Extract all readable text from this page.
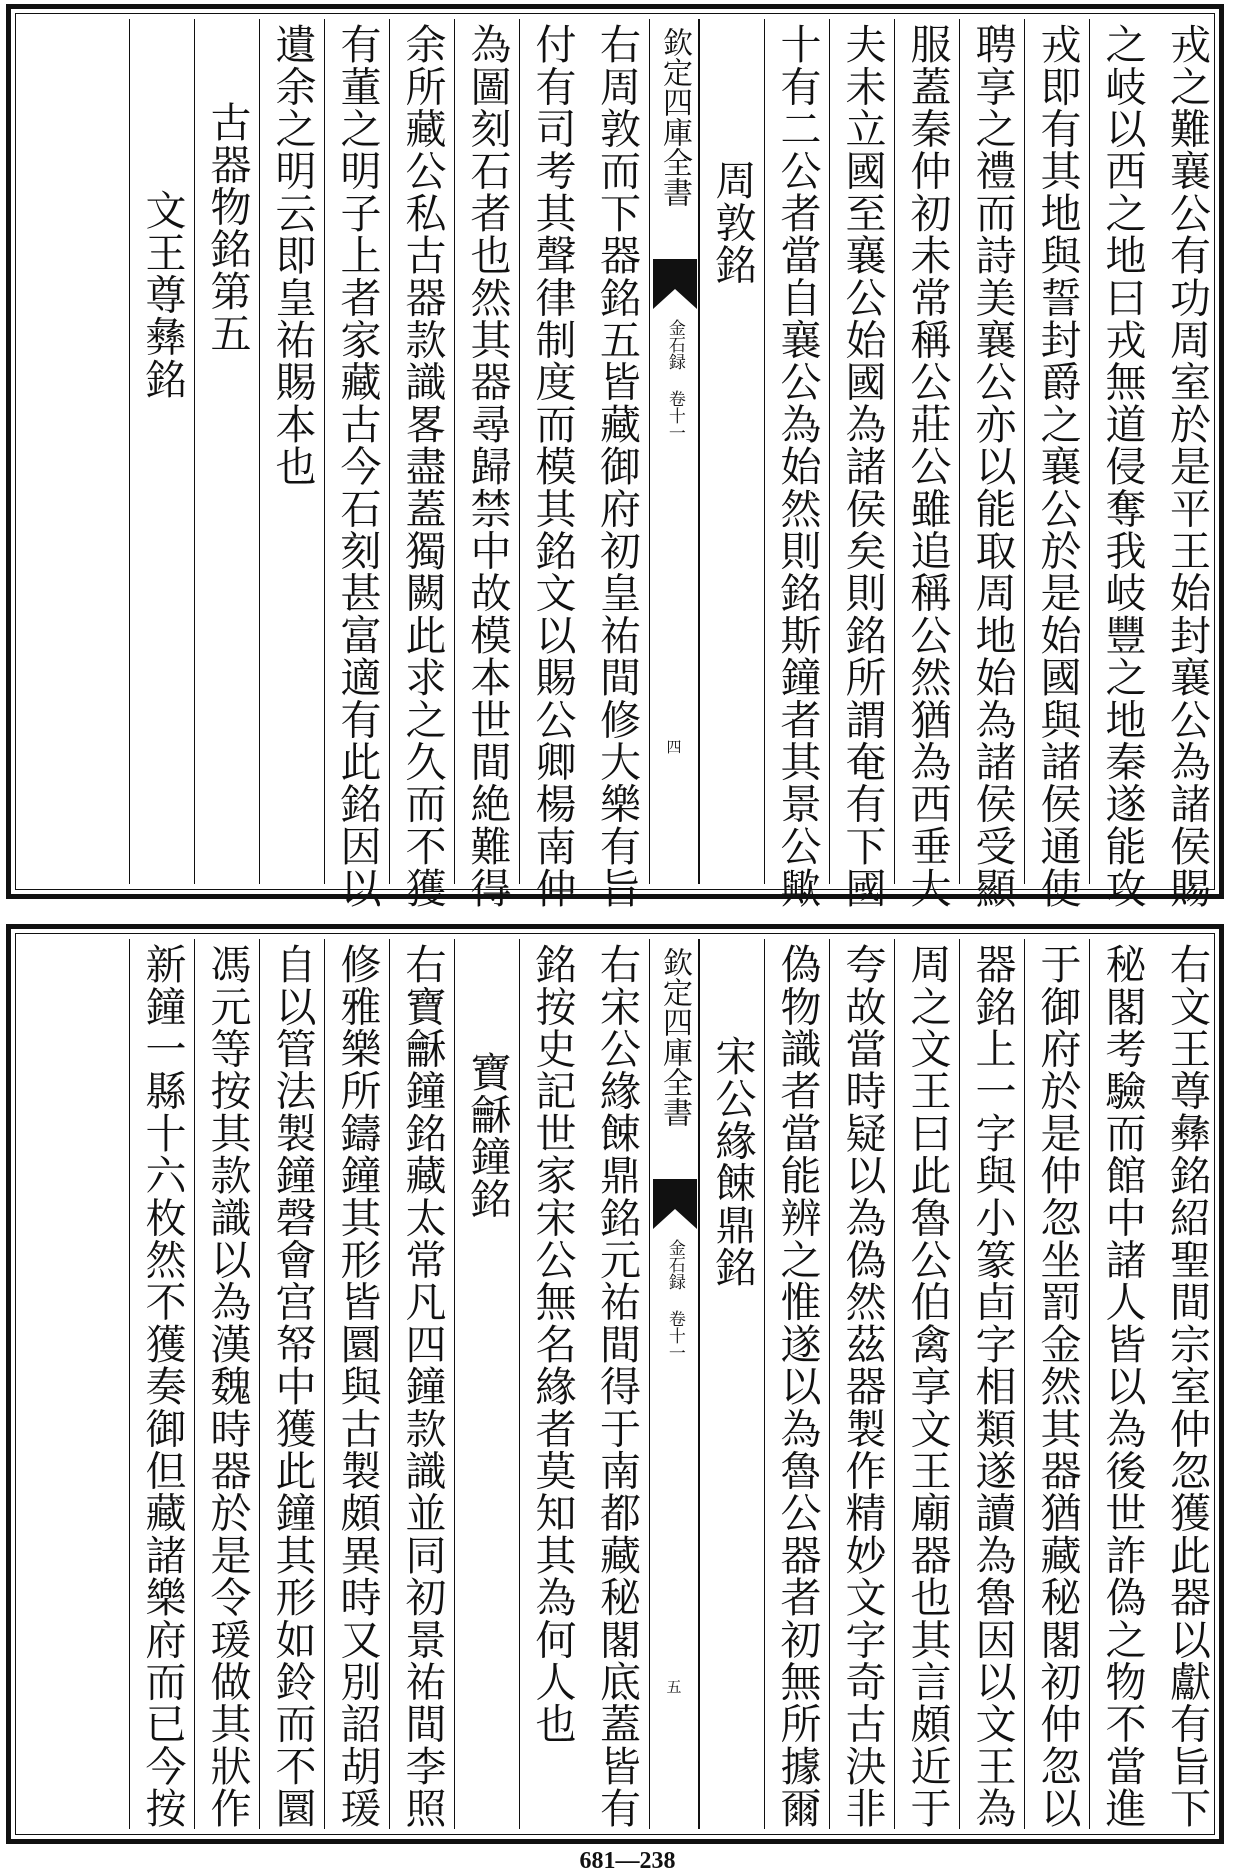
戎之難襄公有功周室於是平王始封襄公為諸侯賜
之岐以西之地曰戎無道侵奪我岐豐之地秦遂能攻
戎即有其地與誓封爵之襄公於是始國與諸侯通使
聘享之禮而詩美襄公亦以能取周地始為諸侯受顯
服蓋秦仲初未常稱公莊公雖追稱公然猶為西垂大
夫未立國至襄公始國為諸侯矣則銘所謂奄有下國
十有二公者當自襄公為始然則銘斯鐘者其景公歟
周敦銘
欽定四庫全書
金石録 卷十一
四
右周敦而下器銘五皆藏御府初皇祐間修大樂有旨
付有司考其聲律制度而模其銘文以賜公卿楊南仲
為圖刻石者也然其器尋歸禁中故模本世間絶難得
余所藏公私古器款識畧盡蓋獨闕此求之久而不獲
有董之明子上者家藏古今石刻甚富適有此銘因以
遺余之明云即皇祐賜本也
古器物銘第五
文王尊彝銘
右文王尊彝銘紹聖間宗室仲忽獲此器以獻有旨下
秘閣考驗而館中諸人皆以為後世詐偽之物不當進
于御府於是仲忽坐罰金然其器猶藏秘閣初仲忽以
器銘上一字與小篆卣字相類遂讀為魯因以文王為
周之文王曰此魯公伯禽享文王廟器也其言頗近于
夸故當時疑以為偽然茲器製作精妙文字奇古決非
偽物識者當能辨之惟遂以為魯公器者初無所據爾
宋公緣餗鼎銘
欽定四庫全書
金石録 卷十一
五
右宋公緣餗鼎銘元祐間得于南都藏秘閣底蓋皆有
銘按史記世家宋公無名緣者莫知其為何人也
寶龢鐘銘
右寶龢鐘銘藏太常凡四鐘款識並同初景祐間李照
修雅樂所鑄鐘其形皆圜與古製頗異時又別詔胡瑗
自以管法製鐘磬會宫帑中獲此鐘其形如鈴而不圜
馮元等按其款識以為漢魏時器於是令瑗做其狀作
新鐘一縣十六枚然不獲奏御但藏諸樂府而已今按
681—238
